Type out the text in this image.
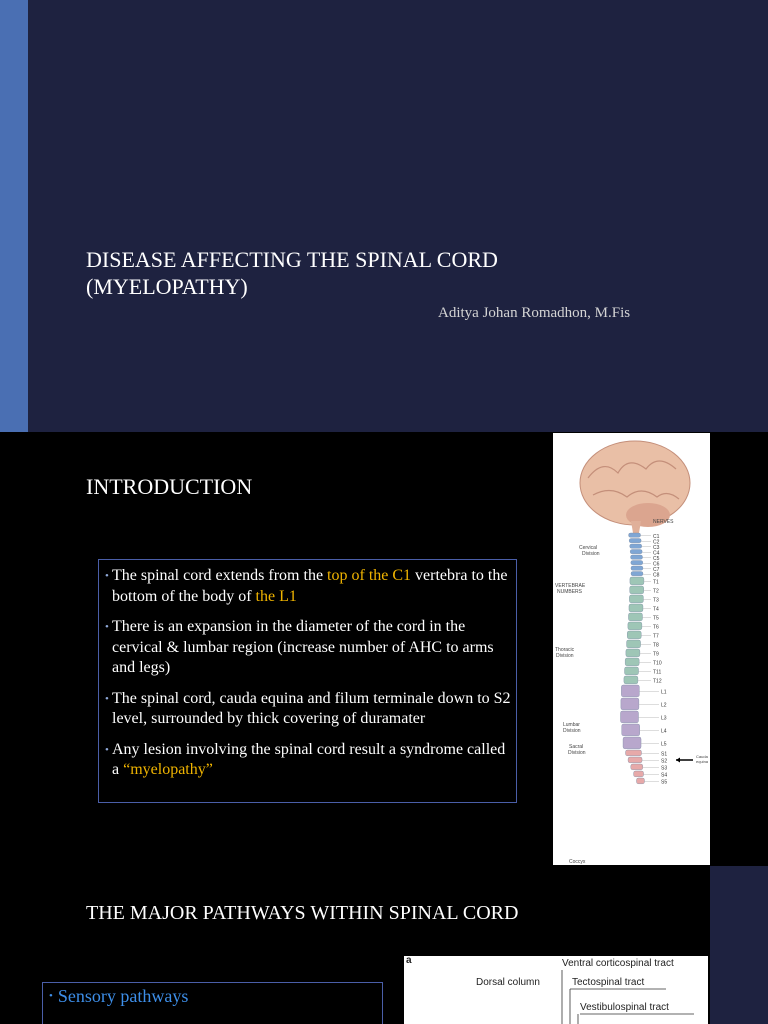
DISEASE AFFECTING THE SPINAL CORD
(MYELOPATHY)
Aditya Johan Romadhon, M.Fis
INTRODUCTION
• The spinal cord extends from the top of the C1 vertebra to the bottom of the body of the L1
• There is an expansion in the diameter of the cord in the cervical & lumbar region (increase number of AHC to arms and legs)
• The spinal cord, cauda equina and filum terminale down to S2 level, surrounded by thick covering of duramater
• Any lesion involving the spinal cord result a syndrome called a “myelopathy”
Cervical
Division
VERTEBRAE
NUMBERS
Thoracic
Division
Lumbar
Division
Sacral
Division
Coccyx
NERVES
Cauda
equina
C1
C2
C3
C4
C5
C6
C7
C8
T1
T2
T3
T4
T5
T6
T7
T8
T9
T10
T11
T12
L1
L2
L3
L4
L5
S1
S2
S3
S4
S5
THE MAJOR PATHWAYS WITHIN SPINAL CORD
• Sensory pathways
a	Ventral corticospinal tract
Dorsal column	Tectospinal tract
Vestibulospinal tract
